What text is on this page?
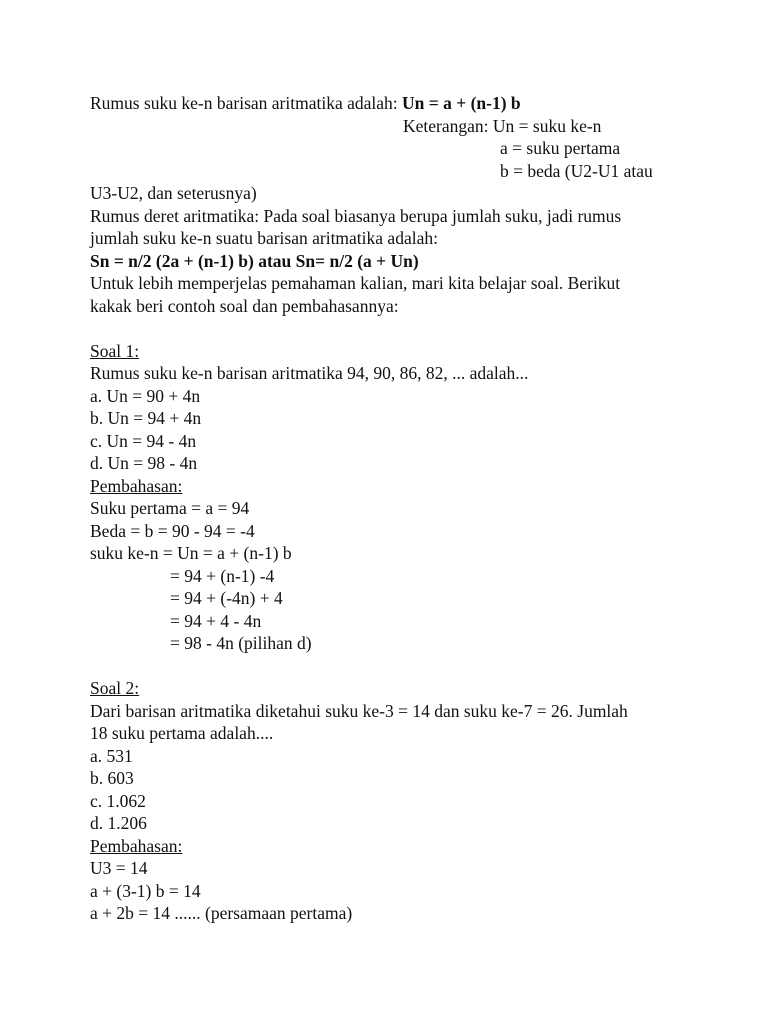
Rumus suku ke-n barisan aritmatika adalah: Un = a + (n-1) b
Keterangan: Un = suku ke-n
a = suku pertama
b = beda (U2-U1 atau
U3-U2, dan seterusnya)
Rumus deret aritmatika: Pada soal biasanya berupa jumlah suku, jadi rumus
jumlah suku ke-n suatu barisan aritmatika adalah:
Sn = n/2 (2a + (n-1) b) atau Sn= n/2 (a + Un)
Untuk lebih memperjelas pemahaman kalian, mari kita belajar soal. Berikut
kakak beri contoh soal dan pembahasannya:
Soal 1:
Rumus suku ke-n barisan aritmatika 94, 90, 86, 82, ... adalah...
a. Un = 90 + 4n
b. Un = 94 + 4n
c. Un = 94 - 4n
d. Un = 98 - 4n
Pembahasan:
Suku pertama = a = 94
Beda = b = 90 - 94 = -4
suku ke-n = Un = a + (n-1) b
= 94 + (n-1) -4
= 94 + (-4n) + 4
= 94 + 4 - 4n
= 98 - 4n (pilihan d)
Soal 2:
Dari barisan aritmatika diketahui suku ke-3 = 14 dan suku ke-7 = 26. Jumlah
18 suku pertama adalah....
a. 531
b. 603
c. 1.062
d. 1.206
Pembahasan:
U3 = 14
a + (3-1) b = 14
a + 2b = 14 ...... (persamaan pertama)
